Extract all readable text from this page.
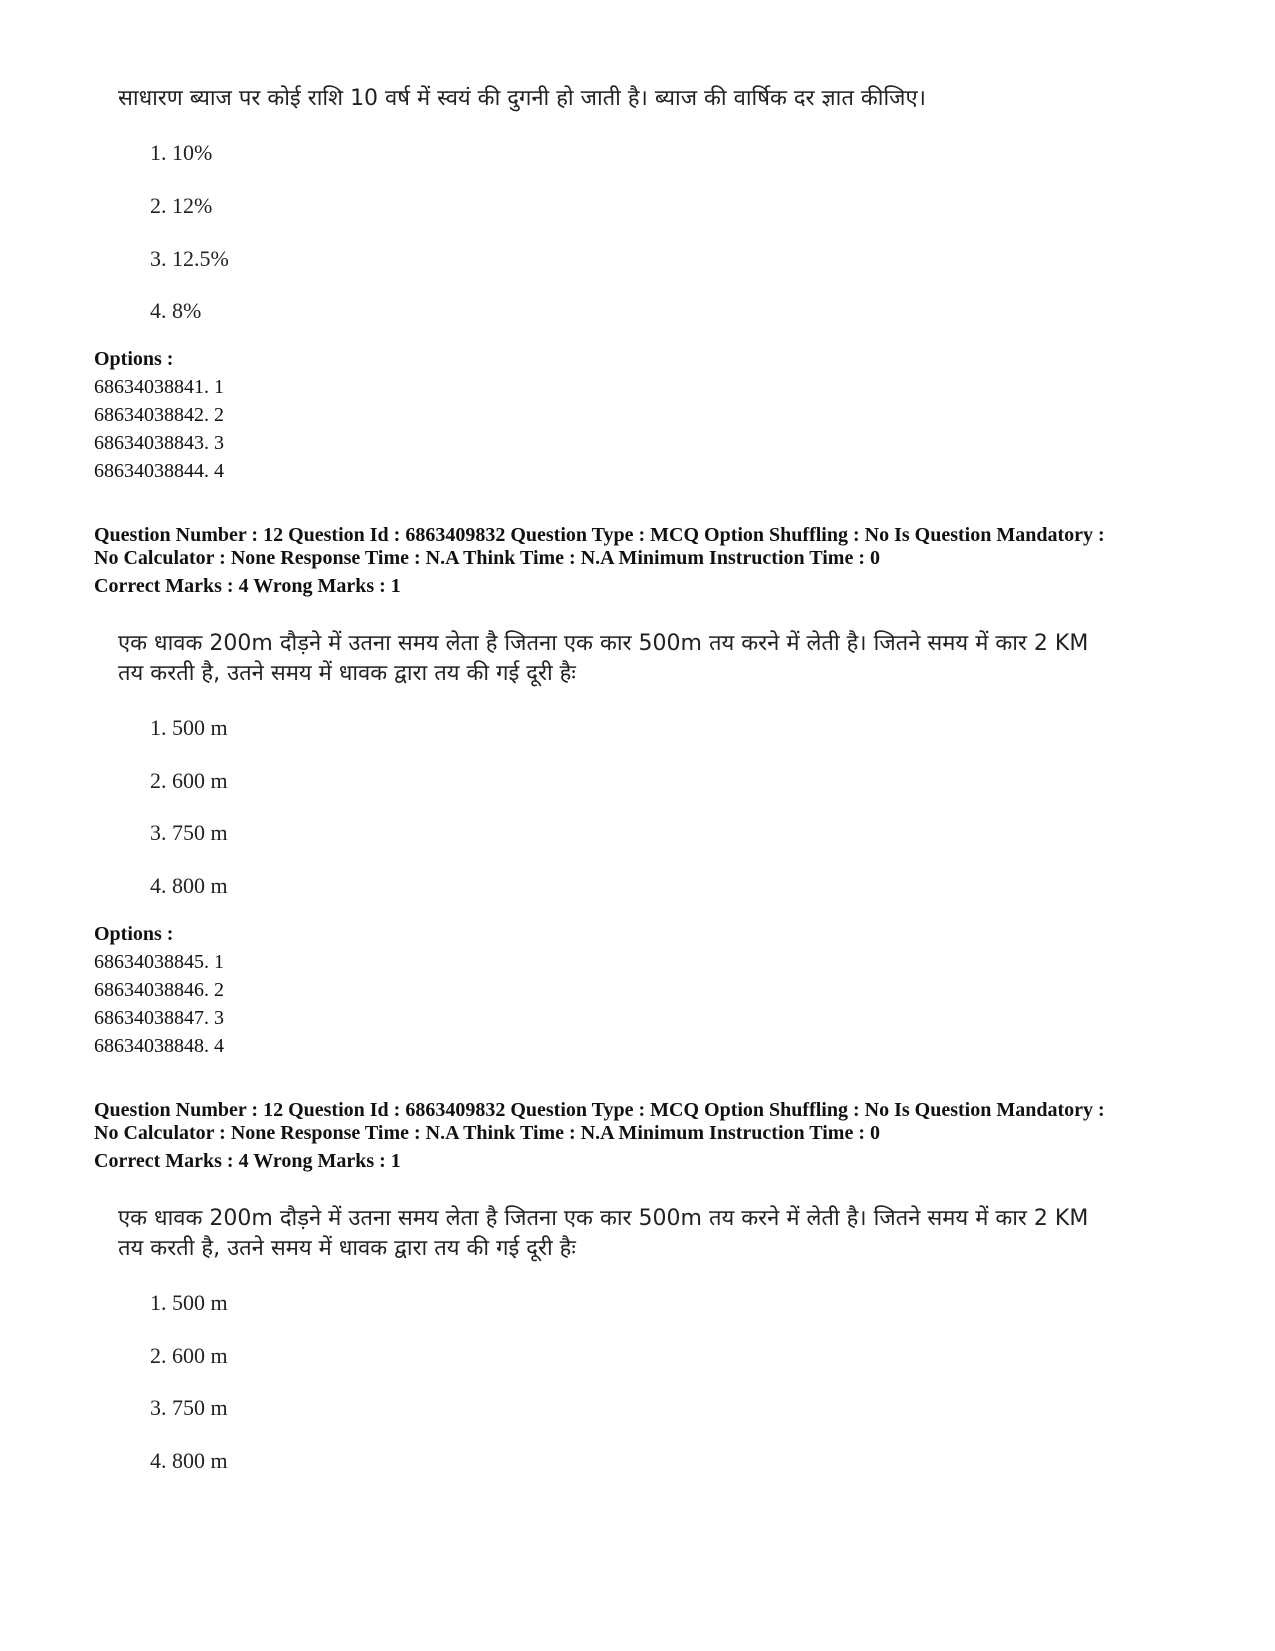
साधारण ब्याज पर कोई राशि 10 वर्ष में स्वयं की दुगनी हो जाती है। ब्याज की वार्षिक दर ज्ञात कीजिए।
1. 10%
2. 12%
3. 12.5%
4. 8%
Options :
68634038841. 1
68634038842. 2
68634038843. 3
68634038844. 4
Question Number : 12 Question Id : 6863409832 Question Type : MCQ Option Shuffling : No Is Question Mandatory :
No Calculator : None Response Time : N.A Think Time : N.A Minimum Instruction Time : 0
Correct Marks : 4 Wrong Marks : 1
एक धावक 200m दौड़ने में उतना समय लेता है जितना एक कार 500m तय करने में लेती है। जितने समय में कार 2 KM
तय करती है, उतने समय में धावक द्वारा तय की गई दूरी हैः
1. 500 m
2. 600 m
3. 750 m
4. 800 m
Options :
68634038845. 1
68634038846. 2
68634038847. 3
68634038848. 4
Question Number : 12 Question Id : 6863409832 Question Type : MCQ Option Shuffling : No Is Question Mandatory :
No Calculator : None Response Time : N.A Think Time : N.A Minimum Instruction Time : 0
Correct Marks : 4 Wrong Marks : 1
एक धावक 200m दौड़ने में उतना समय लेता है जितना एक कार 500m तय करने में लेती है। जितने समय में कार 2 KM
तय करती है, उतने समय में धावक द्वारा तय की गई दूरी हैः
1. 500 m
2. 600 m
3. 750 m
4. 800 m
